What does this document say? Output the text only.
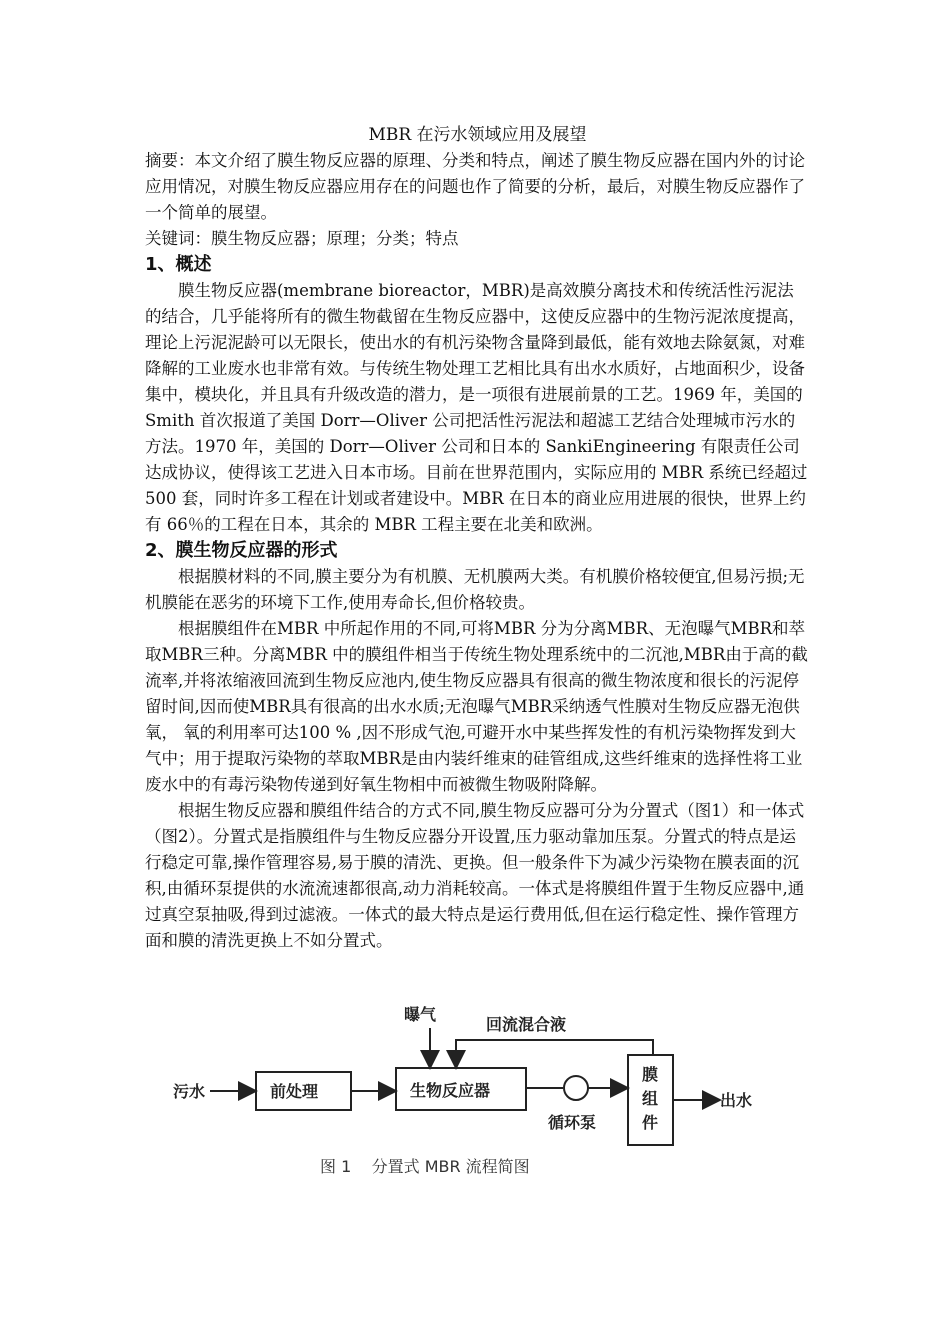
MBR 在污水领域应用及展望

摘要：本文介绍了膜生物反应器的原理、分类和特点，阐述了膜生物反应器在国内外的讨论应用情况，对膜生物反应器应用存在的问题也作了简要的分析，最后，对膜生物反应器作了一个简单的展望。

关键词：膜生物反应器；原理；分类；特点

1、概述

膜生物反应器(membrane bioreactor，MBR)是高效膜分离技术和传统活性污泥法的结合，几乎能将所有的微生物截留在生物反应器中，这使反应器中的生物污泥浓度提高，理论上污泥泥龄可以无限长，使出水的有机污染物含量降到最低，能有效地去除氨氮，对难降解的工业废水也非常有效。与传统生物处理工艺相比具有出水水质好，占地面积少，设备集中，模块化，并且具有升级改造的潜力，是一项很有进展前景的工艺。1969 年，美国的 Smith 首次报道了美国 Dorr—Oliver 公司把活性污泥法和超滤工艺结合处理城市污水的方法。1970 年，美国的 Dorr—Oliver 公司和日本的 SankiEngineering 有限责任公司达成协议，使得该工艺进入日本市场。目前在世界范围内，实际应用的 MBR 系统已经超过 500 套，同时许多工程在计划或者建设中。MBR 在日本的商业应用进展的很快，世界上约有 66％的工程在日本，其余的 MBR 工程主要在北美和欧洲。

2、膜生物反应器的形式

根据膜材料的不同,膜主要分为有机膜、无机膜两大类。有机膜价格较便宜,但易污损;无机膜能在恶劣的环境下工作,使用寿命长,但价格较贵。

根据膜组件在MBR 中所起作用的不同,可将MBR 分为分离MBR、无泡曝气MBR和萃取MBR三种。分离MBR 中的膜组件相当于传统生物处理系统中的二沉池,MBR由于高的截流率,并将浓缩液回流到生物反应池内,使生物反应器具有很高的微生物浓度和很长的污泥停留时间,因而使MBR具有很高的出水水质;无泡曝气MBR采纳透气性膜对生物反应器无泡供氧， 氧的利用率可达100 % ,因不形成气泡,可避开水中某些挥发性的有机污染物挥发到大气中；用于提取污染物的萃取MBR是由内装纤维束的硅管组成,这些纤维束的选择性将工业废水中的有毒污染物传递到好氧生物相中而被微生物吸附降解。

根据生物反应器和膜组件结合的方式不同,膜生物反应器可分为分置式（图1）和一体式（图2）。分置式是指膜组件与生物反应器分开设置,压力驱动靠加压泵。分置式的特点是运行稳定可靠,操作管理容易,易于膜的清洗、更换。但一般条件下为减少污染物在膜表面的沉积,由循环泵提供的水流流速都很高,动力消耗较高。一体式是将膜组件置于生物反应器中,通过真空泵抽吸,得到过滤液。一体式的最大特点是运行费用低,但在运行稳定性、操作管理方面和膜的清洗更换上不如分置式。

污水	前处理	生物反应器
曝气
回流混合液
循环泵
膜
组
件
出水
图 1    分置式 MBR 流程简图
